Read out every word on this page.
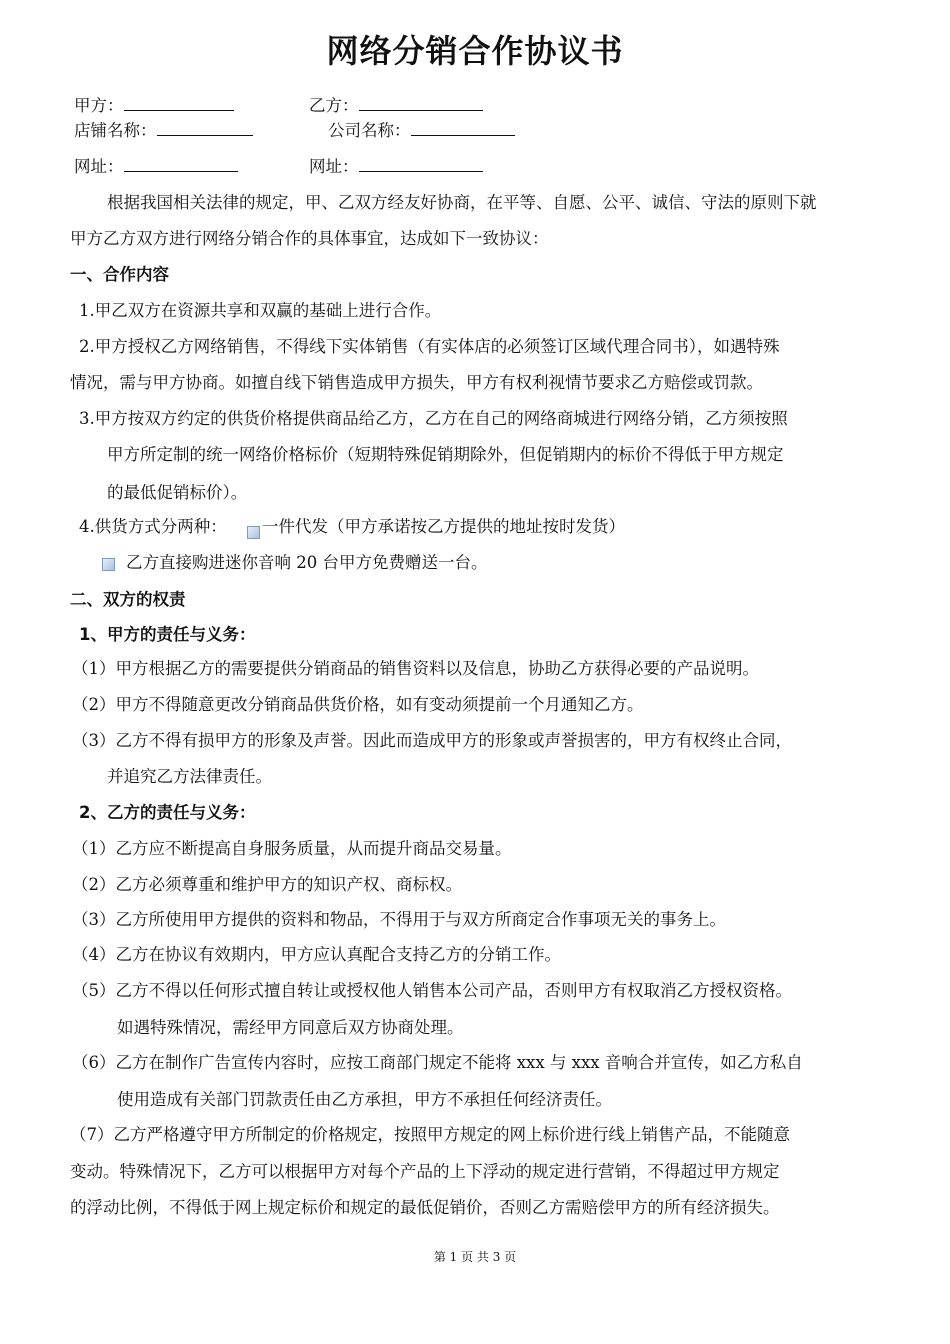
网络分销合作协议书
甲方：	乙方：
店铺名称：	公司名称：
网址：	网址：
根据我国相关法律的规定，甲、乙双方经友好协商，在平等、自愿、公平、诚信、守法的原则下就
甲方乙方双方进行网络分销合作的具体事宜，达成如下一致协议：
一、合作内容
1.甲乙双方在资源共享和双赢的基础上进行合作。
2.甲方授权乙方网络销售，不得线下实体销售（有实体店的必须签订区域代理合同书），如遇特殊
情况，需与甲方协商。如擅自线下销售造成甲方损失，甲方有权利视情节要求乙方赔偿或罚款。
3.甲方按双方约定的供货价格提供商品给乙方，乙方在自己的网络商城进行网络分销，乙方须按照
甲方所定制的统一网络价格标价（短期特殊促销期除外，但促销期内的标价不得低于甲方规定
的最低促销标价）。
4.供货方式分两种： 一件代发（甲方承诺按乙方提供的地址按时发货）
乙方直接购进迷你音响 20 台甲方免费赠送一台。
二、双方的权责
1、甲方的责任与义务：
（1）甲方根据乙方的需要提供分销商品的销售资料以及信息，协助乙方获得必要的产品说明。
（2）甲方不得随意更改分销商品供货价格，如有变动须提前一个月通知乙方。
（3）乙方不得有损甲方的形象及声誉。因此而造成甲方的形象或声誉损害的，甲方有权终止合同，
并追究乙方法律责任。
2、乙方的责任与义务：
（1）乙方应不断提高自身服务质量，从而提升商品交易量。
（2）乙方必须尊重和维护甲方的知识产权、商标权。
（3）乙方所使用甲方提供的资料和物品，不得用于与双方所商定合作事项无关的事务上。
（4）乙方在协议有效期内，甲方应认真配合支持乙方的分销工作。
（5）乙方不得以任何形式擅自转让或授权他人销售本公司产品，否则甲方有权取消乙方授权资格。
如遇特殊情况，需经甲方同意后双方协商处理。
（6）乙方在制作广告宣传内容时，应按工商部门规定不能将 xxx 与 xxx 音响合并宣传，如乙方私自
使用造成有关部门罚款责任由乙方承担，甲方不承担任何经济责任。
（7）乙方严格遵守甲方所制定的价格规定，按照甲方规定的网上标价进行线上销售产品，不能随意
变动。特殊情况下，乙方可以根据甲方对每个产品的上下浮动的规定进行营销，不得超过甲方规定
的浮动比例，不得低于网上规定标价和规定的最低促销价，否则乙方需赔偿甲方的所有经济损失。
第 1 页 共 3 页
